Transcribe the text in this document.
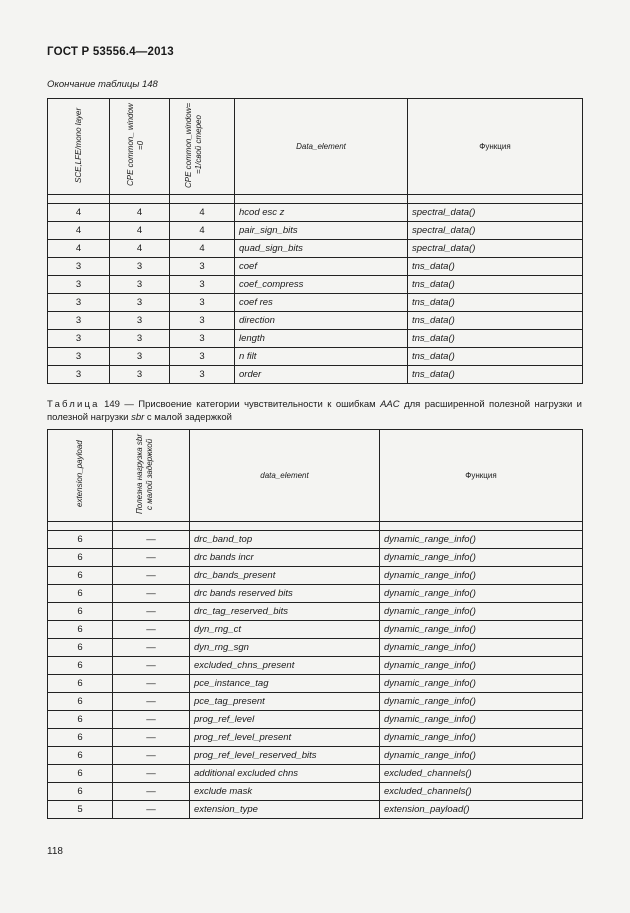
ГОСТ Р 53556.4—2013
Окончание таблицы 148
SCE,LFE/mono layer	CPE common_ window =0	CPE common_window= =1/свой стерео	Data_element	Функция

4	4	4	hcod esc z	spectral_data()
4	4	4	pair_sign_bits	spectral_data()
4	4	4	quad_sign_bits	spectral_data()
3	3	3	coef	tns_data()
3	3	3	coef_compress	tns_data()
3	3	3	coef res	tns_data()
3	3	3	direction	tns_data()
3	3	3	length	tns_data()
3	3	3	n filt	tns_data()
3	3	3	order	tns_data()
Таблица 149 — Присвоение категории чувствительности к ошибкам AAC для расширенной полезной нагрузки и полезной нагрузки sbr с малой задержкой
extension_payload	Полезна нагрузка sbr с малой задержкой	data_element	Функция

6	—	drc_band_top	dynamic_range_info()
6	—	drc bands incr	dynamic_range_info()
6	—	drc_bands_present	dynamic_range_info()
6	—	drc bands reserved bits	dynamic_range_info()
6	—	drc_tag_reserved_bits	dynamic_range_info()
6	—	dyn_rng_ct	dynamic_range_info()
6	—	dyn_rng_sgn	dynamic_range_info()
6	—	excluded_chns_present	dynamic_range_info()
6	—	pce_instance_tag	dynamic_range_info()
6	—	pce_tag_present	dynamic_range_info()
6	—	prog_ref_level	dynamic_range_info()
6	—	prog_ref_level_present	dynamic_range_info()
6	—	prog_ref_level_reserved_bits	dynamic_range_info()
6	—	additional excluded chns	excluded_channels()
6	—	exclude mask	excluded_channels()
5	—	extension_type	extension_payload()
118
